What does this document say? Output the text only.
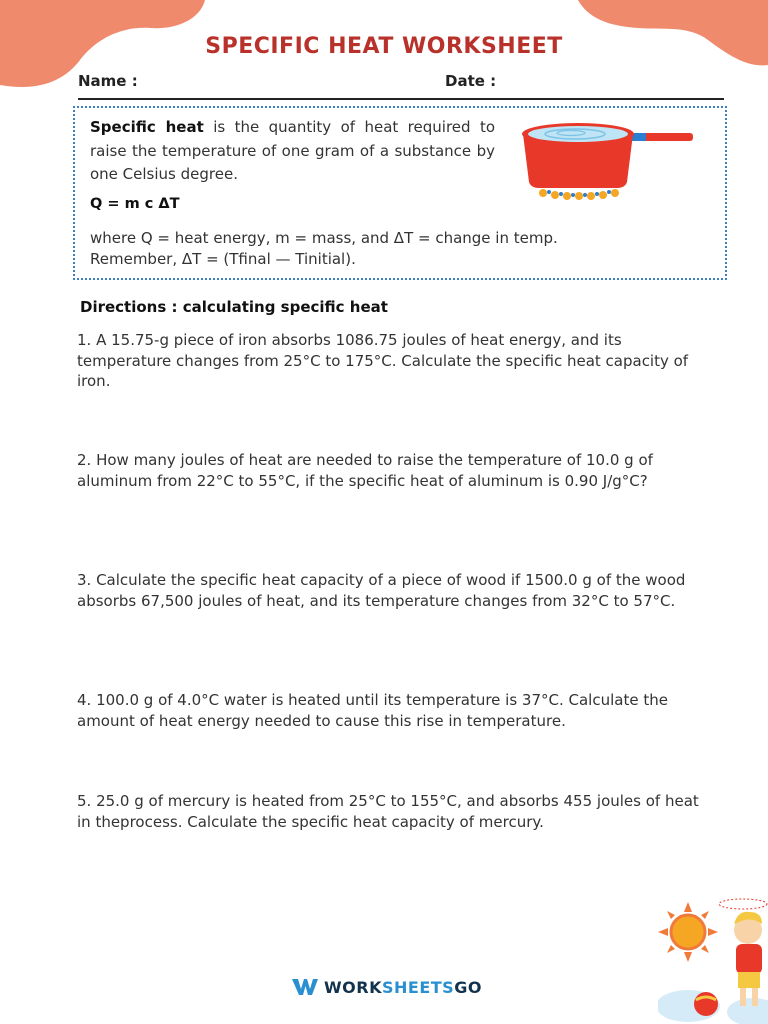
SPECIFIC HEAT WORKSHEET
Name :	Date :
Specific heat is the quantity of heat required to raise the temperature of one gram of a substance by one Celsius degree.
Q = m c ΔT
where Q = heat energy, m = mass, and ΔT = change in temp.
Remember, ΔT = (Tfinal — Tinitial).
Directions : calculating specific heat
1. A 15.75-g piece of iron absorbs 1086.75 joules of heat energy, and its temperature changes from 25°C to 175°C. Calculate the specific heat capacity of iron.
2. How many joules of heat are needed to raise the temperature of 10.0 g of aluminum from 22°C to 55°C, if the specific heat of aluminum is 0.90 J/g°C?
3. Calculate the specific heat capacity of a piece of wood if 1500.0 g of the wood absorbs 67,500 joules of heat, and its temperature changes from 32°C to 57°C.
4. 100.0 g of 4.0°C water is heated until its temperature is 37°C. Calculate the amount of heat energy needed to cause this rise in temperature.
5. 25.0 g of mercury is heated from 25°C to 155°C, and absorbs 455 joules of heat in theprocess. Calculate the specific heat capacity of mercury.
WORKSHEETSGO
